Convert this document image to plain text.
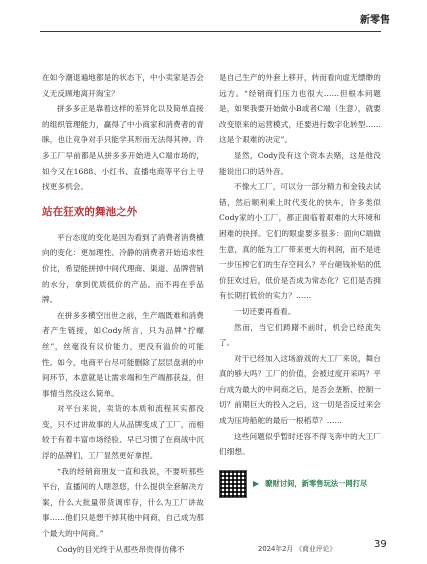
新零售

在如今潮退遍地都是的状态下，中小卖家是否会义无反顾地离开淘宝？

拼多多正是靠着这样的差异化以及简单直接的组织管理能力，赢得了中小商家和消费者的青睐，也让竞争对手只能学其形而无法得其神。许多工厂早前都是从拼多多开始进入C端市场的，如今又在1688、小红书、直播电商等平台上寻找更多机会。

站在狂欢的舞池之外

平台态度的变化是因为看到了消费者消费横向的变化：更加理性、冷静的消费者开始追求性价比，希望能拼掉中间代理商、渠道、品牌营销的水分，拿到优质低价的产品。而不再在乎品牌。

在拼多多横空出世之前，生产端既难和消费者产生链接，如Cody所言，只为品牌“拧螺丝”，丝毫没有议价能力，更没有溢价的可能性。如今，电商平台尽可能删除了层层盘剥的中间环节，本意就是让需求端和生产端都获益，但事情当然没这么简单。

对平台来说，卖货的本质和流程其实都没变，只不过讲故事的人从品牌变成了工厂，而相较于有着丰富市场经验、早已习惯了在商战中沉浮的品牌们，工厂显然更好拿捏。

“我的经销商朋友一直和我说，不要听那些平台，直播间的人瞎忽悠，什么提供全套解决方案，什么大批量带货调库存，什么为工厂讲故事……他们只是想干掉其他中间商，自己成为那个最大的中间商。”

Cody的目光终于从那些昂贵得仿佛不

是自己生产的外套上移开，转而看向虚无缥缈的远方。“经销商们压力也很大……但根本问题是，如果我要开始做小B或者C端（生意），就要改变原来的运营模式，还要进行数字化转型……这是个艰难的决定”。

显然，Cody没有这个资本去赌，这是他没能说出口的话外音。

不像大工厂，可以分一部分精力和金钱去试错，然后顺利乘上时代变化的快车，许多类似Cody家的小工厂，都正面临着艰难的大环境和困难的抉择。它们的眼虚要多很多：面向C端做生意，真的能为工厂带来更大的利润，而不是进一步压榨它们的生存空间么？平台砸钱补贴的低价狂欢过后，低价是否成为常态化？它们是否拥有长期打低价的实力？……

一切还要再看看。

然而，当它们踌躇不前时，机会已经流失了。

对于已经加入这场游戏的大工厂来说，舞台真的够大吗？工厂的价值，会被过度开采吗？平台成为最大的中间商之后，是否会垄断、控制一切？前期巨大的投入之后，这一切是否反过来会成为压垮船舵的最后一根稻草？……

这些问题似乎暂时还容不得飞奔中的大工厂们细想。

▶ 瞭财讨间，新零售玩法一网打尽
2024年2月 《商业评论》	39
